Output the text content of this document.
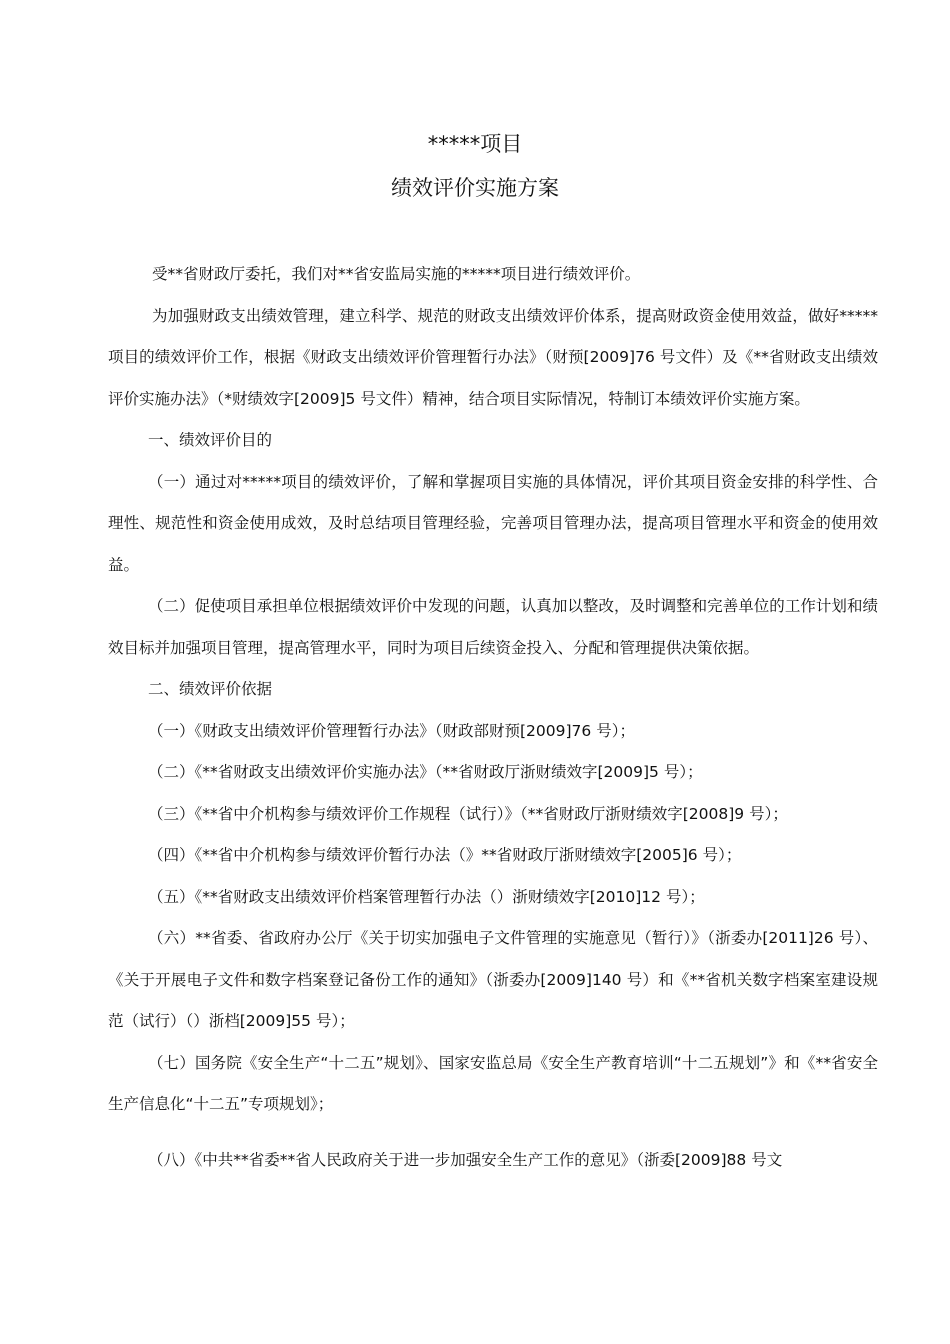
*****项目
绩效评价实施方案

受**省财政厅委托，我们对**省安监局实施的*****项目进行绩效评价。

为加强财政支出绩效管理，建立科学、规范的财政支出绩效评价体系，提高财政资金使用效益，做好*****项目的绩效评价工作，根据《财政支出绩效评价管理暂行办法》（财预[2009]76 号文件）及《**省财政支出绩效评价实施办法》（*财绩效字[2009]5 号文件）精神，结合项目实际情况，特制订本绩效评价实施方案。

一、绩效评价目的

（一）通过对*****项目的绩效评价，了解和掌握项目实施的具体情况，评价其项目资金安排的科学性、合理性、规范性和资金使用成效，及时总结项目管理经验，完善项目管理办法，提高项目管理水平和资金的使用效益。

（二）促使项目承担单位根据绩效评价中发现的问题，认真加以整改，及时调整和完善单位的工作计划和绩效目标并加强项目管理，提高管理水平，同时为项目后续资金投入、分配和管理提供决策依据。

二、绩效评价依据

（一）《财政支出绩效评价管理暂行办法》（财政部财预[2009]76 号）；

（二）《**省财政支出绩效评价实施办法》（**省财政厅浙财绩效字[2009]5 号）；

（三）《**省中介机构参与绩效评价工作规程（试行）》（**省财政厅浙财绩效字[2008]9 号）；

（四）《**省中介机构参与绩效评价暂行办法（》**省财政厅浙财绩效字[2005]6 号）；

（五）《**省财政支出绩效评价档案管理暂行办法（）浙财绩效字[2010]12 号）；

（六）**省委、省政府办公厅《关于切实加强电子文件管理的实施意见（暂行）》（浙委办[2011]26 号）、《关于开展电子文件和数字档案登记备份工作的通知》（浙委办[2009]140 号）和《**省机关数字档案室建设规范（试行）（）浙档[2009]55 号）；

（七）国务院《安全生产“十二五”规划》、国家安监总局《安全生产教育培训“十二五规划”》和《**省安全生产信息化“十二五”专项规划》；

（八）《中共**省委**省人民政府关于进一步加强安全生产工作的意见》（浙委[2009]88 号文
